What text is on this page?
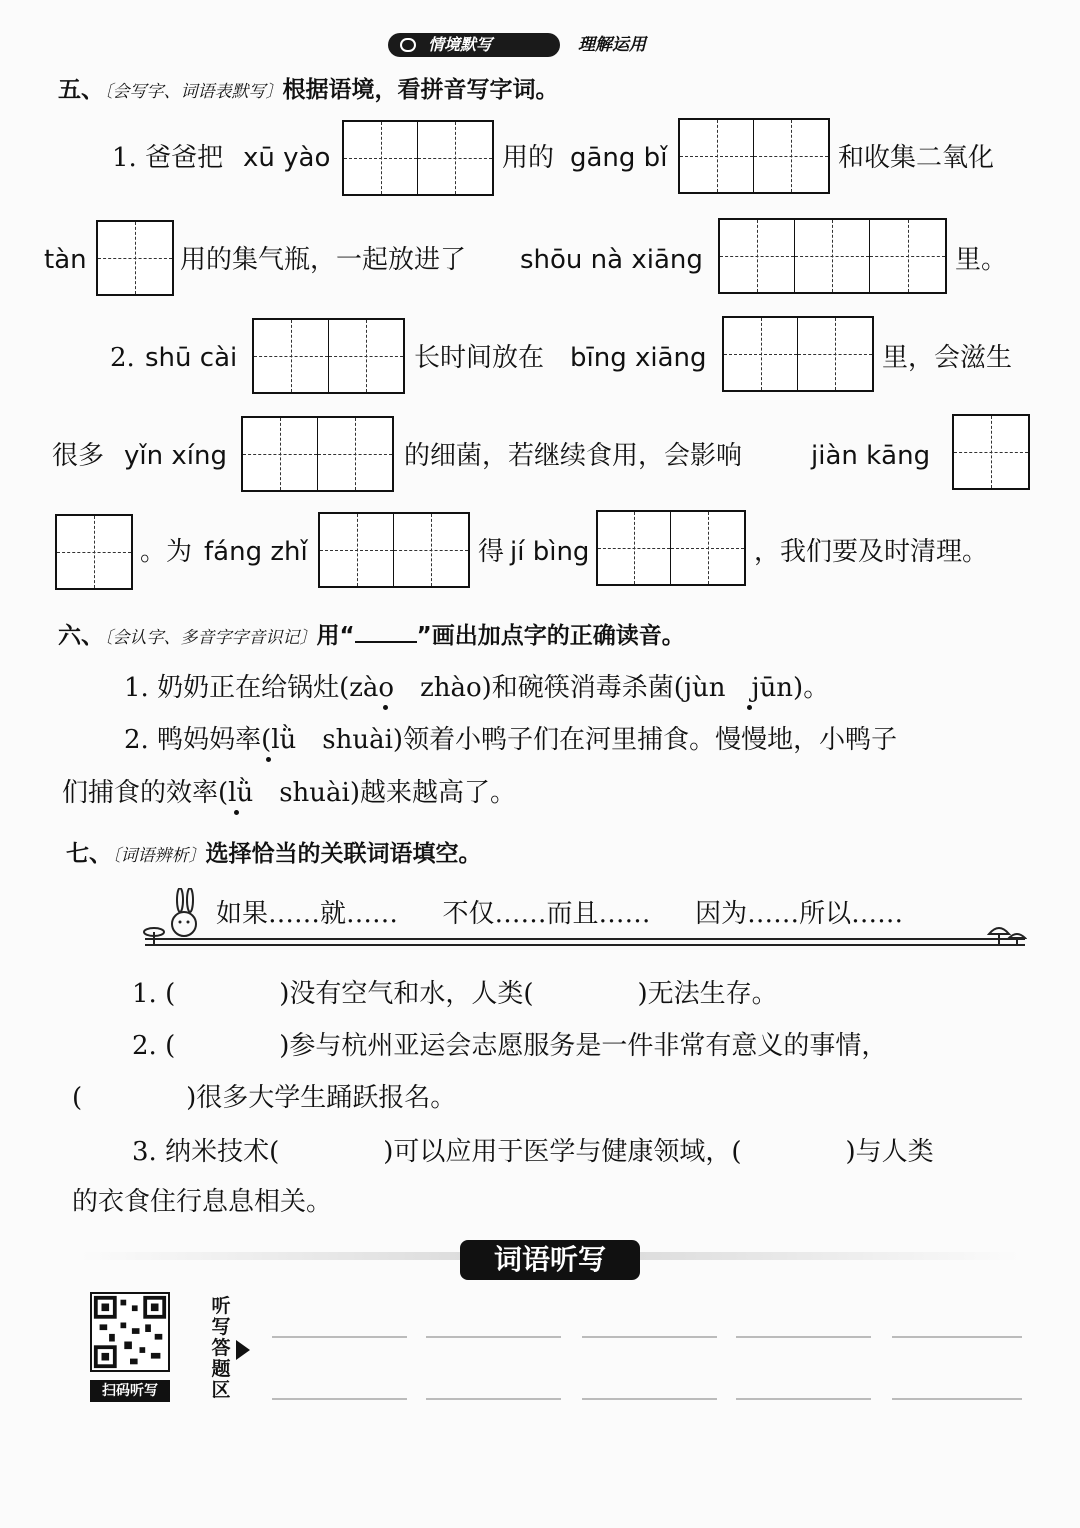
情境默写	理解运用
五、〔会写字、词语表默写〕根据语境，看拼音写字词。
1. 爸爸把 xū yào	用的 gāng bǐ	和收集二氧化
tàn	用的集气瓶，一起放进了 shōu nà xiāng	里。
2. shū cài	长时间放在 bīng xiāng	里，会滋生
很多 yǐn xíng	的细菌，若继续食用，会影响	jiàn kāng
。为 fáng zhǐ	得 jí bìng	，我们要及时清理。
六、〔会认字、多音字字音识记〕用“	”画出加点字的正确读音。
1. 奶奶正在给锅灶(zào　zhào)和碗筷消毒杀菌(jùn　jūn)。
2. 鸭妈妈率(lǜ　shuài)领着小鸭子们在河里捕食。慢慢地，小鸭子
们捕食的效率(lǜ　shuài)越来越高了。
七、〔词语辨析〕选择恰当的关联词语填空。
如果……就…… 不仅……而且…… 因为……所以……
1. (　　　　)没有空气和水，人类(　　　　)无法生存。
2. (　　　　)参与杭州亚运会志愿服务是一件非常有意义的事情，
(　　　　)很多大学生踊跃报名。
3. 纳米技术(　　　　)可以应用于医学与健康领域，(　　　　)与人类
的衣食住行息息相关。
词语听写
扫码听写
听写答题区
